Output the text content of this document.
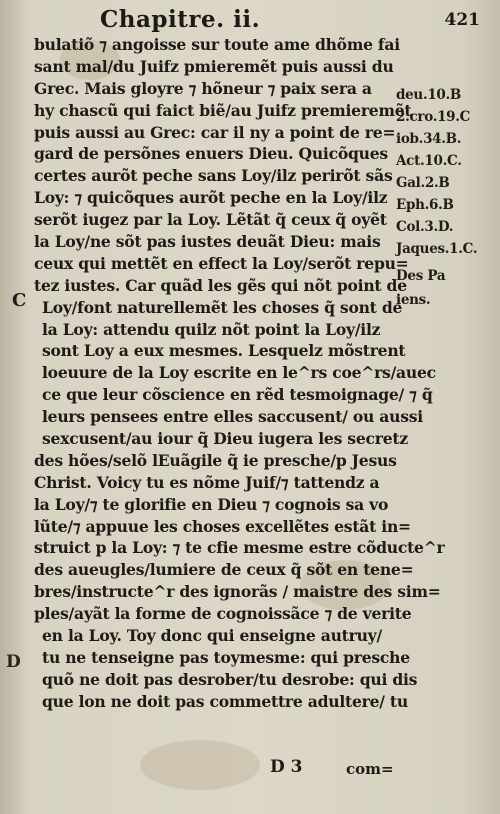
Chapitre. ii.	421
C
D
bulatiõ ⁊ angoisse sur toute ame dhõme fai
sant mal/du Juifz pmieremẽt puis aussi du
Grec. Mais gloyre ⁊ hõneur ⁊ paix sera a
hy chascũ qui faict biẽ/au Juifz premieremẽt
puis aussi au Grec: car il ny a point de re=
gard de persõnes enuers Dieu. Quicõques
certes aurõt peche sans Loy/ilz perirõt sãs
Loy: ⁊ quicõques aurõt peche en la Loy/ilz
serõt iugez par la Loy. Lẽtãt q̃ ceux q̃ oyẽt
la Loy/ne sõt pas iustes deuãt Dieu: mais
ceux qui mettẽt en effect la Loy/serõt repu=
tez iustes. Car quãd les gẽs qui nõt point de
Loy/font naturellemẽt les choses q̃ sont de
la Loy: attendu quilz nõt point la Loy/ilz
sont Loy a eux mesmes. Lesquelz mõstrent
loeuure de la Loy escrite en le^rs coe^rs/auec
ce que leur cõscience en rẽd tesmoignage/ ⁊ q̃
leurs pensees entre elles saccusent/ ou aussi
sexcusent/au iour q̃ Dieu iugera les secretz
des hões/selõ lEuãgile q̃ ie presche/p Jesus
Christ. Voicy tu es nõme Juif/⁊ tattendz a
la Loy/⁊ te glorifie en Dieu ⁊ cognois sa vo
lũte/⁊ appuue les choses excellẽtes estãt in=
struict p la Loy: ⁊ te cfie mesme estre cõducte^r
des aueugles/lumiere de ceux q̃ sõt en tene=
bres/instructe^r des ignorãs / maistre des sim=
ples/ayãt la forme de cognoissãce ⁊ de verite
en la Loy. Toy donc qui enseigne autruy/
tu ne tenseigne pas toymesme: qui presche
quõ ne doit pas desrober/tu desrobe: qui dis
que lon ne doit pas commettre adultere/ tu
deu.10.B
2.cro.19.C
iob.34.B.
Act.10.C.
Gal.2.B
Eph.6.B
Col.3.D.
Jaques.1.C.
Des Pa
iens.
D 3	com=
